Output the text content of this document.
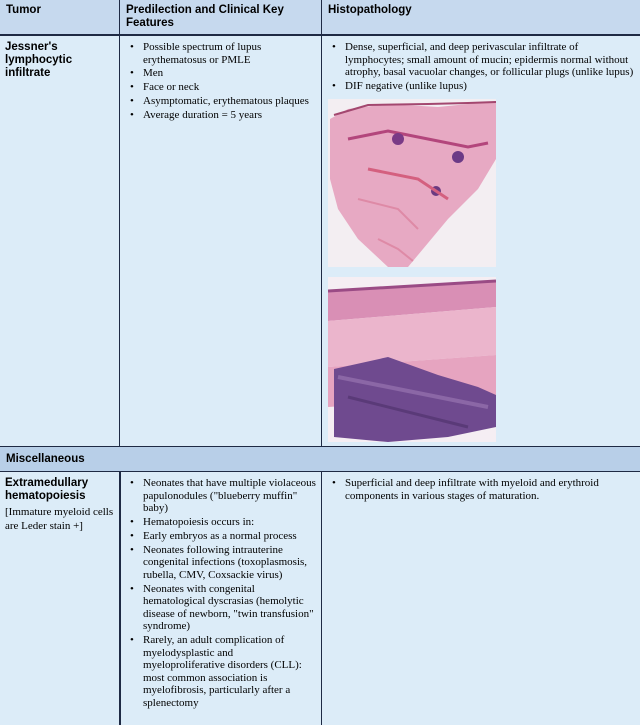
Tumor	Predilection and Clinical Key Features
Histopathology
Jessner's lymphocytic infiltrate
• Possible spectrum of lupus erythematosus or PMLE
• Men
• Face or neck
• Asymptomatic, erythematous plaques
• Average duration = 5 years
• Dense, superficial, and deep perivascular infiltrate of lymphocytes; small amount of mucin; epidermis normal without atrophy, basal vacuolar changes, or follicular plugs (unlike lupus)
• DIF negative (unlike lupus)
Miscellaneous
Extramedullary hematopoiesis
[Immature myeloid cells are Leder stain +]
• Neonates that have multiple violaceous papulonodules ("blueberry muffin" baby)
• Hematopoiesis occurs in:
• Early embryos as a normal process
• Neonates following intrauterine congenital infections (toxoplasmosis, rubella, CMV, Coxsackie virus)
• Neonates with congenital hematological dyscrasias (hemolytic disease of newborn, "twin transfusion" syndrome)
• Rarely, an adult complication of myelodysplastic and myeloproliferative disorders (CLL): most common association is myelofibrosis, particularly after a splenectomy
• Superficial and deep infiltrate with myeloid and erythroid components in various stages of maturation.
